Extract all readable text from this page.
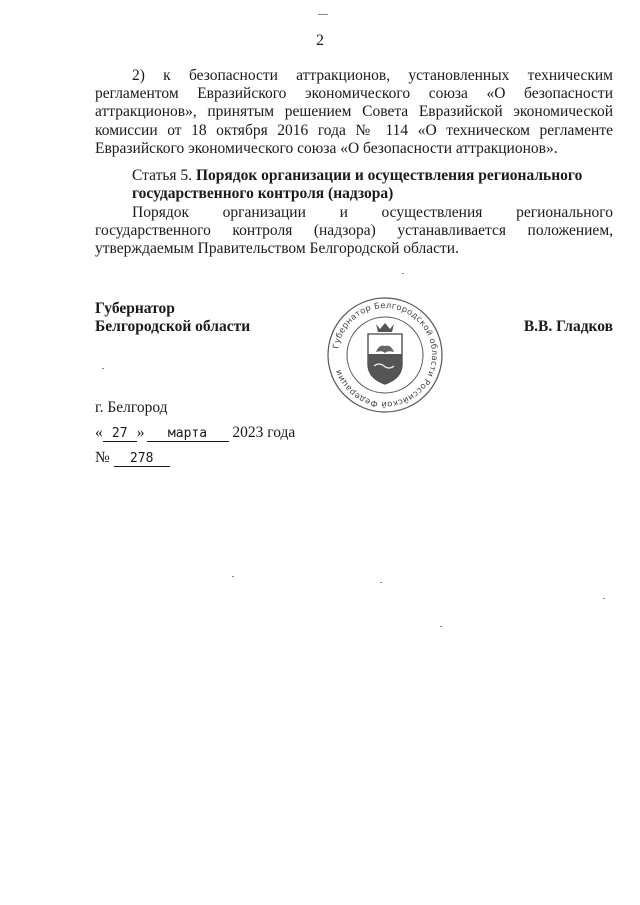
2

2) к безопасности аттракционов, установленных техническим регламентом Евразийского экономического союза «О безопасности аттракционов», принятым решением Совета Евразийской экономической комиссии от 18 октября 2016 года № 114 «О техническом регламенте Евразийского экономического союза «О безопасности аттракционов».

Статья 5. Порядок организации и осуществления регионального государственного контроля (надзора)

Порядок организации и осуществления регионального государственного контроля (надзора) устанавливается положением, утверждаемым Правительством Белгородской области.

Губернатор
Белгородской области
Губернатор Белгородской области Российской Федерации
В.В. Гладков
г. Белгород
« 27 » марта 2023 года
№ 278
